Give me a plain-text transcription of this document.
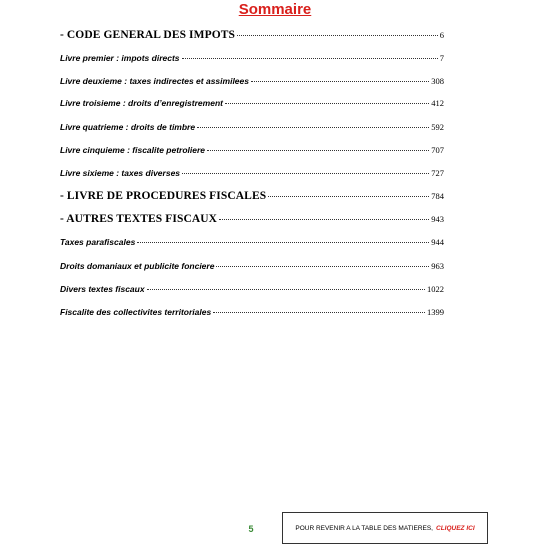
Sommaire
- CODE GENERAL DES IMPOTS	6
Livre premier : impots directs	7
Livre deuxieme : taxes indirectes et assimilees	308
Livre troisieme : droits d’enregistrement	412
Livre quatrieme : droits de timbre	592
Livre cinquieme : fiscalite petroliere	707
Livre sixieme : taxes diverses	727
- LIVRE DE PROCEDURES FISCALES	784
- AUTRES TEXTES FISCAUX	943
Taxes parafiscales	944
Droits domaniaux et publicite fonciere	963
Divers textes fiscaux	1022
Fiscalite des collectivites territoriales	1399
5	POUR REVENIR A LA TABLE DES MATIERES, CLIQUEZ ICI
